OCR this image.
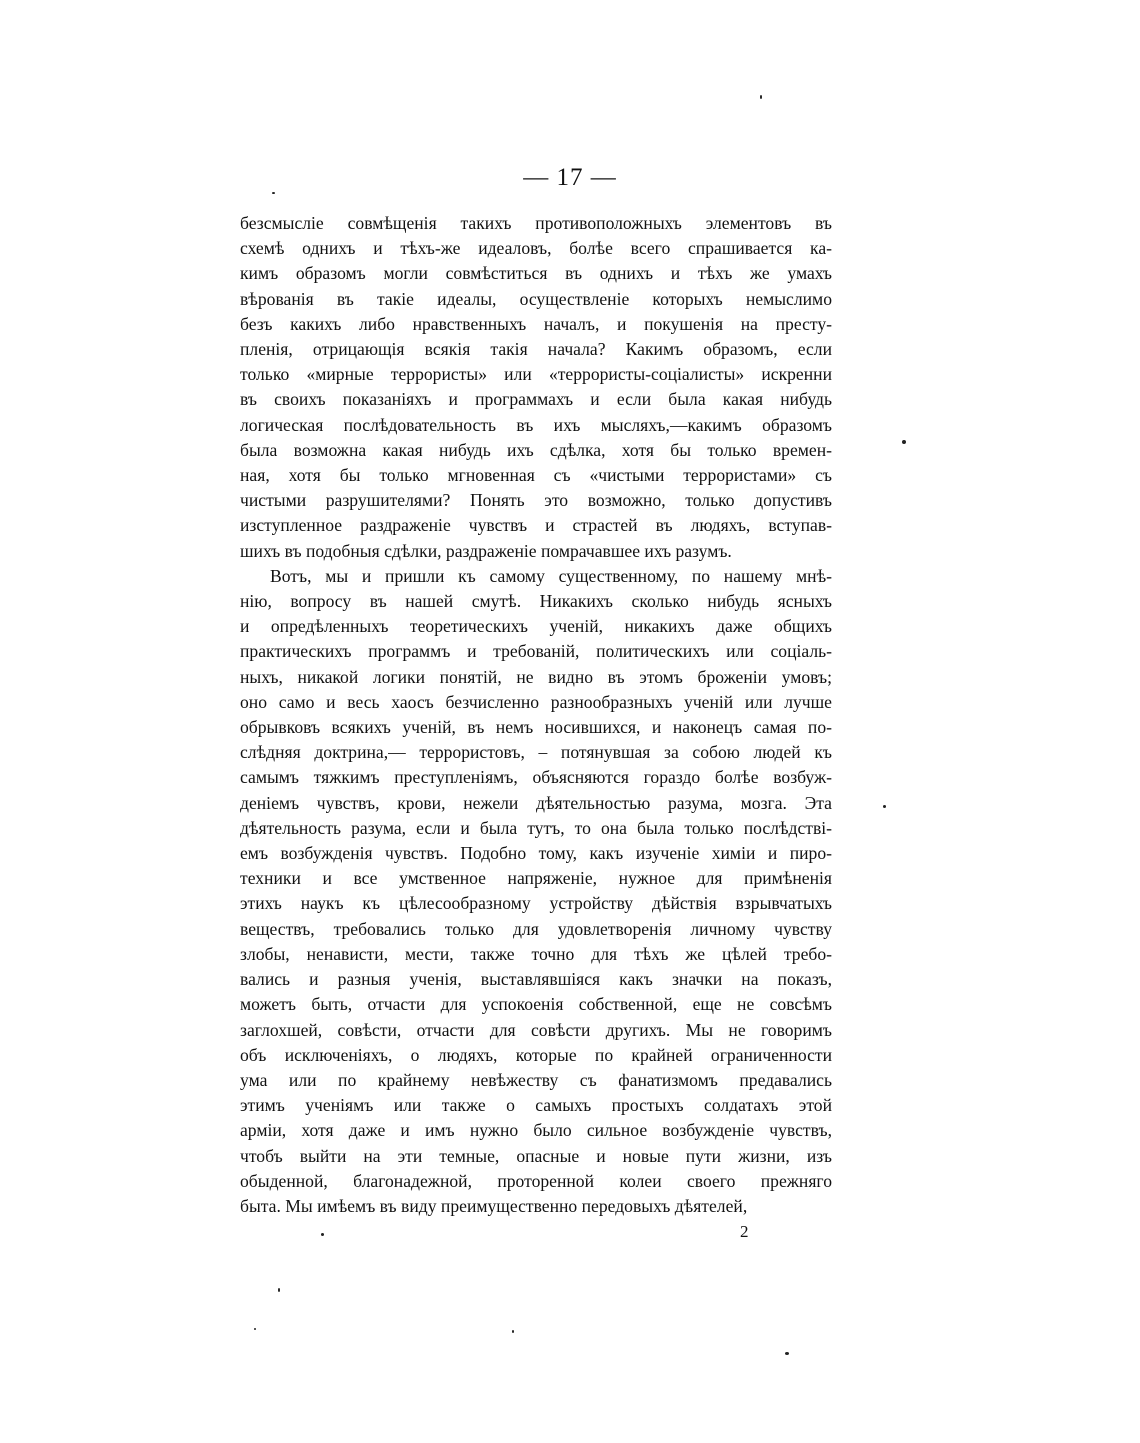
— 17 —

безсмыслie совмѣщенiя такихъ противоположныхъ элементовъ въ
схемѣ однихъ и тѣхъ-же идеаловъ, болѣе всего спрашивается ка-
кимъ образомъ могли совмѣститься въ однихъ и тѣхъ же умахъ
вѣрованiя въ такiе идеалы, осуществленiе которыхъ немыслимо
безъ какихъ либо нравственныхъ началъ, и покушенiя на престу-
пленiя, отрицающiя всякiя такiя начала? Какимъ образомъ, если
только «мирные террористы» или «террористы-соцiалисты» искренни
въ своихъ показанiяхъ и программахъ и если была какая нибудь
логическая послѣдовательность въ ихъ мысляхъ,—какимъ образомъ
была возможна какая нибудь ихъ сдѣлка, хотя бы только времен-
ная, хотя бы только мгновенная съ «чистыми террористами» съ
чистыми разрушителями? Понять это возможно, только допустивъ
изступленное раздраженiе чувствъ и страстей въ людяхъ, вступав-
шихъ въ подобныя сдѣлки, раздраженiе помрачавшее ихъ разумъ.

Вотъ, мы и пришли къ самому существенному, по нашему мнѣ-
нiю, вопросу въ нашей смутѣ. Никакихъ сколько нибудь ясныхъ
и опредѣленныхъ теоретическихъ ученiй, никакихъ даже общихъ
практическихъ программъ и требованiй, политическихъ или соцiаль-
ныхъ, никакой логики понятiй, не видно въ этомъ броженiи умовъ;
оно само и весь хаосъ безчисленно разнообразныхъ ученiй или лучше
обрывковъ всякихъ ученiй, въ немъ носившихся, и наконецъ самая по-
слѣдняя доктрина,— террористовъ, – потянувшая за собою людей къ
самымъ тяжкимъ преступленiямъ, объясняются гораздо болѣе возбуж-
денiемъ чувствъ, крови, нежели дѣятельностью разума, мозга. Эта
дѣятельность разума, если и была тутъ, то она была только послѣдствi-
емъ возбужденiя чувствъ. Подобно тому, какъ изученiе химiи и пиро-
техники и все умственное напряженiе, нужное для примѣненiя
этихъ наукъ къ цѣлесообразному устройству дѣйствiя взрывчатыхъ
веществъ, требовались только для удовлетворенiя личному чувству
злобы, ненависти, мести, также точно для тѣхъ же цѣлей требо-
вались и разныя ученiя, выставлявшiяся какъ значки на показъ,
можетъ быть, отчасти для успокоенiя собственной, еще не совсѣмъ
заглохшей, совѣсти, отчасти для совѣсти другихъ. Мы не говоримъ
объ исключенiяхъ, о людяхъ, которые по крайней ограниченности
ума или по крайнему невѣжеству съ фанатизмомъ предавались
этимъ ученiямъ или также о самыхъ простыхъ солдатахъ этой
армiи, хотя даже и имъ нужно было сильное возбужденiе чувствъ,
чтобъ выйти на эти темные, опасные и новые пути жизни, изъ
обыденной, благонадежной, проторенной колеи своего прежняго
быта. Мы имѣемъ въ виду преимущественно передовыхъ дѣятелей,

2
